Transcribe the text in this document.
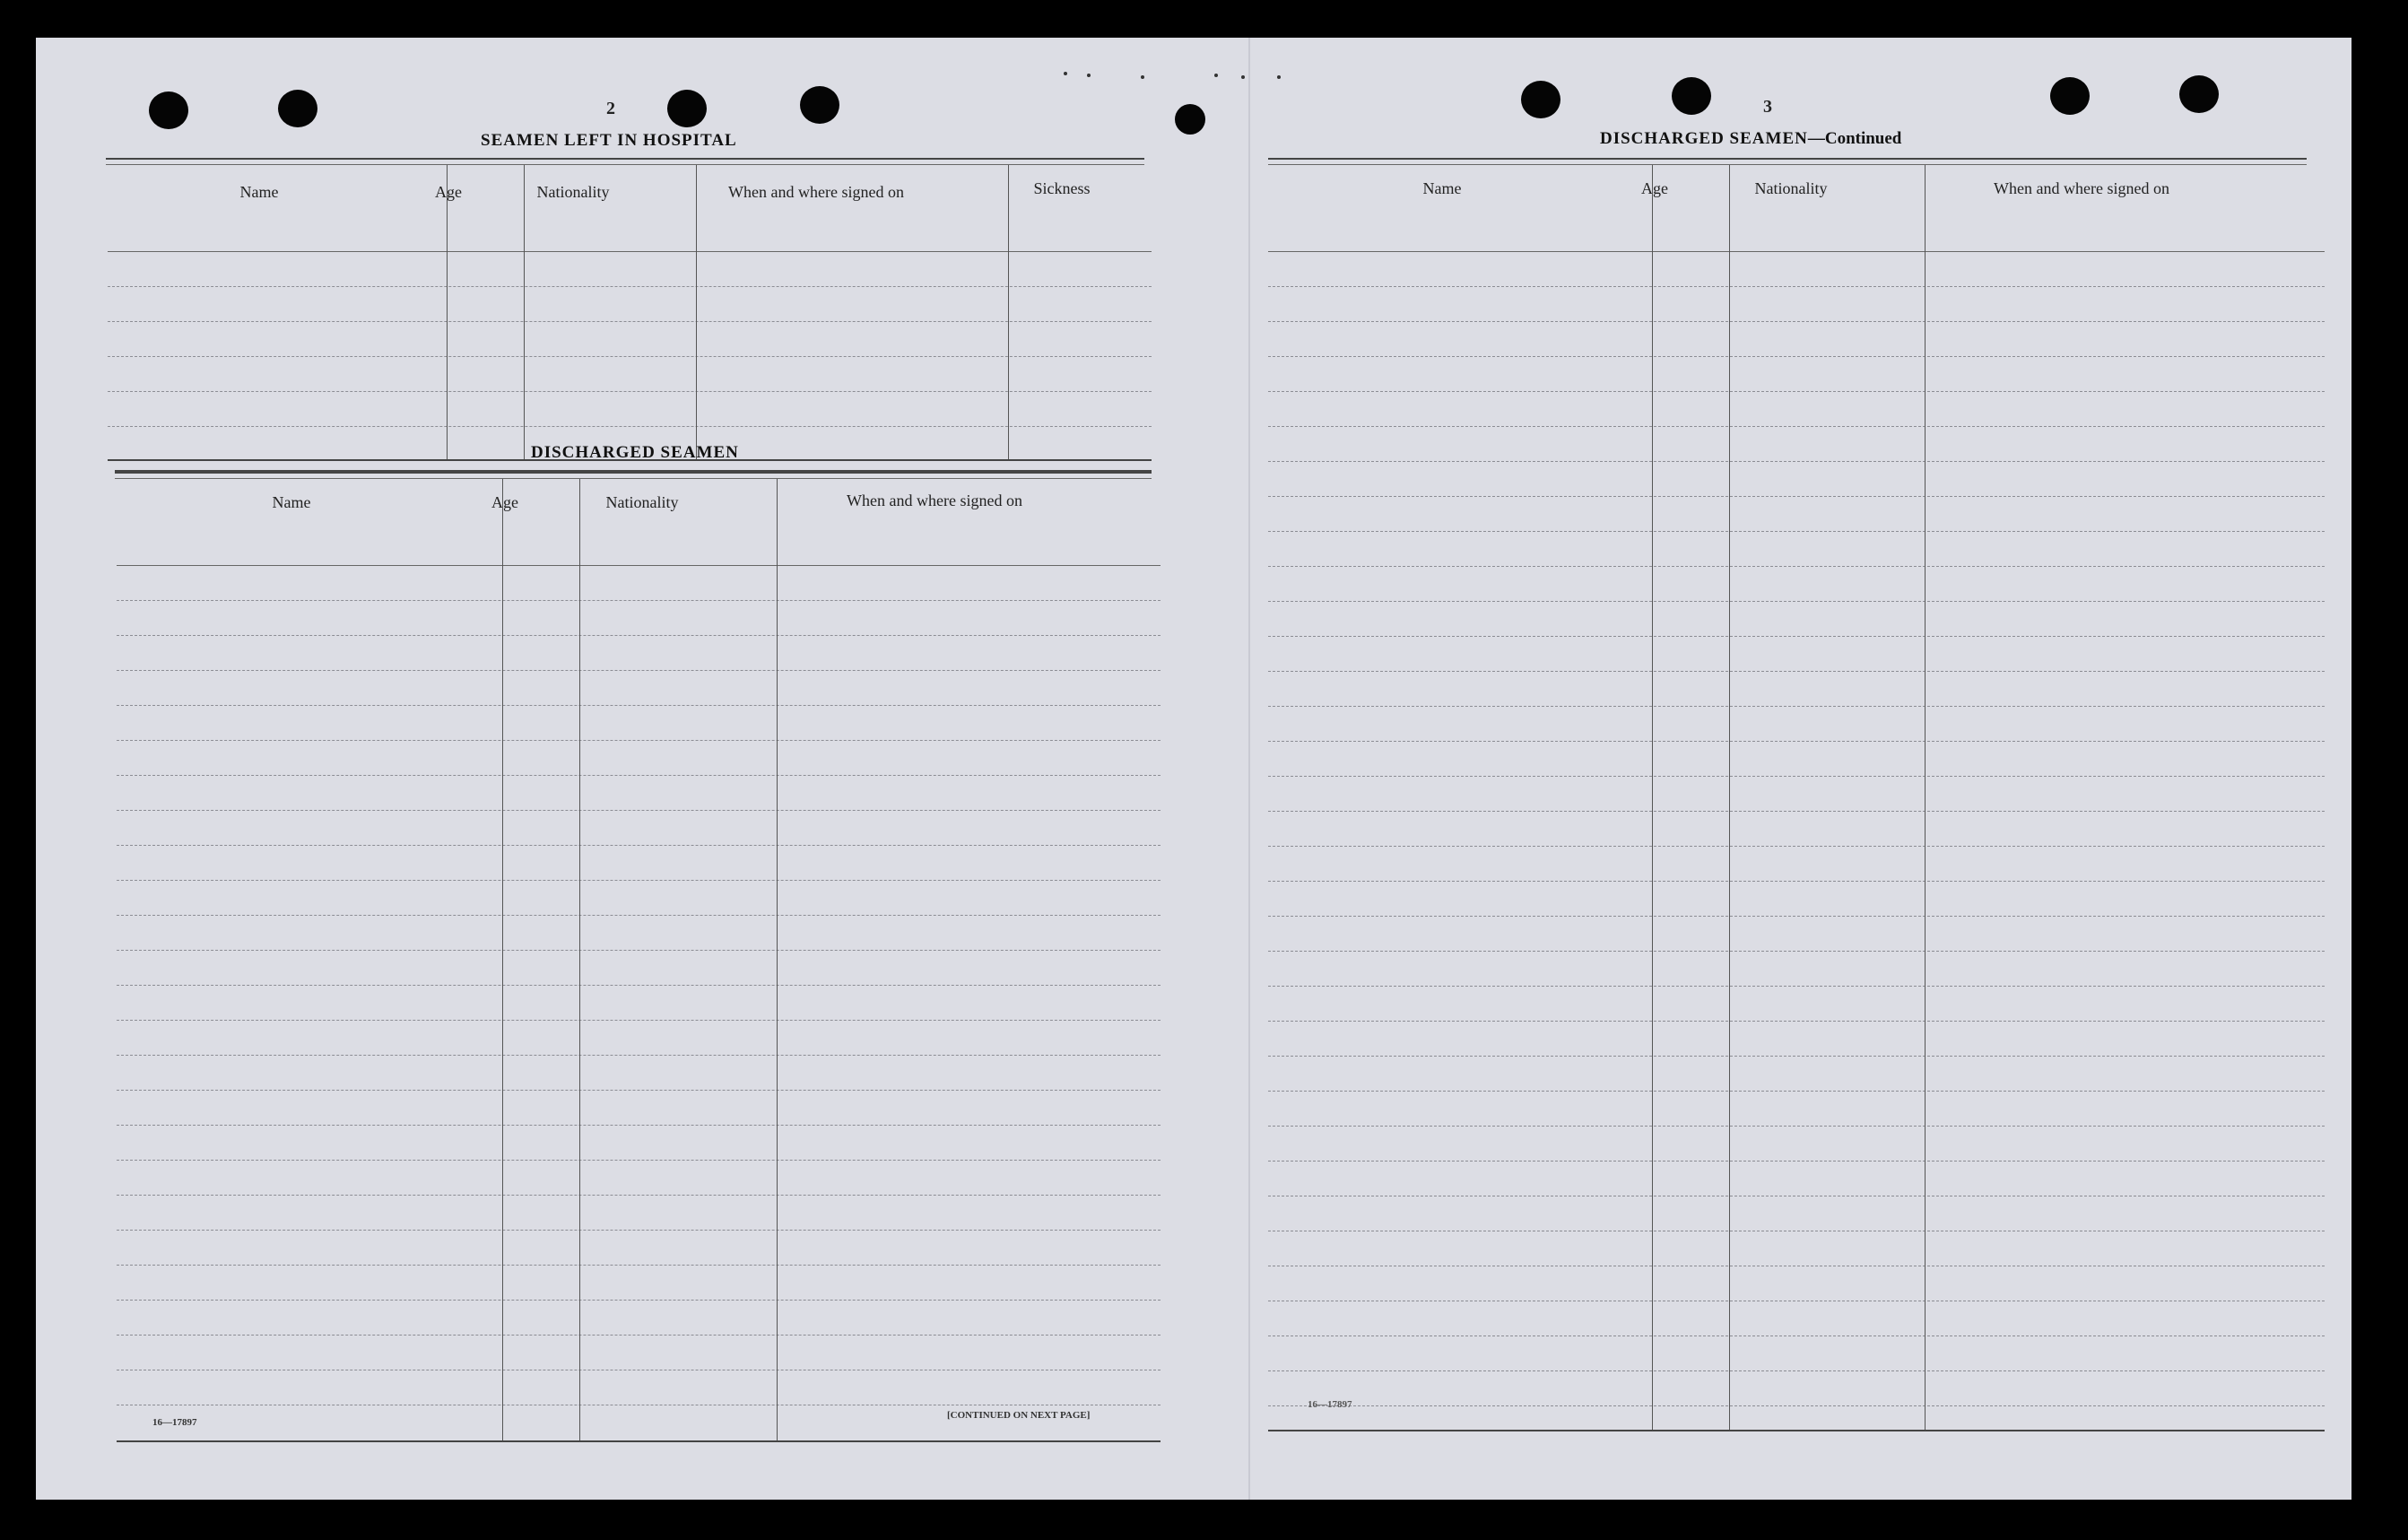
2
SEAMEN LEFT IN HOSPITAL
Name	Age	Nationality	When and where signed on	Sickness
DISCHARGED SEAMEN
Name	Age	Nationality	When and where signed on
16—17897
[CONTINUED ON NEXT PAGE]
3
DISCHARGED SEAMEN—Continued
Name	Age	Nationality	When and where signed on
16—17897
